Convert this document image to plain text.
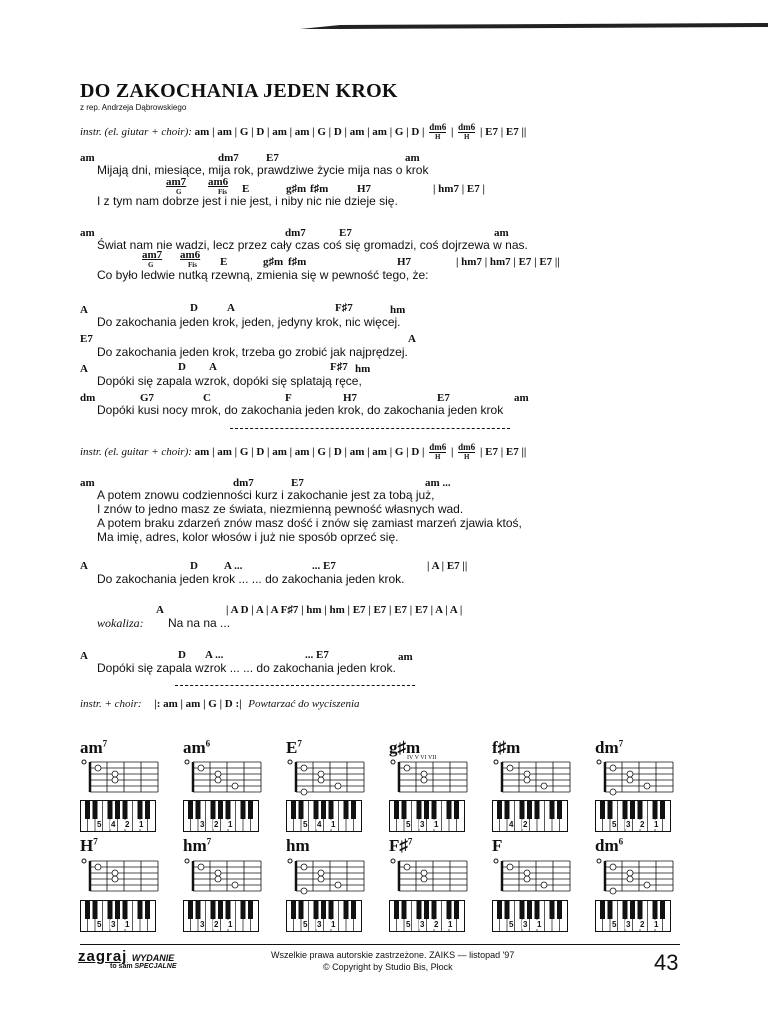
DO ZAKOCHANIA JEDEN KROK
z rep. Andrzeja Dąbrowskiego
instr. (el. giutar + choir): am | am | G | D | am | am | G | D | am | am | G | D | $\frac{dm6}{H}$ | $\frac{dm6}{H}$ | E7 | E7 ||
am	dm7 E7	am
Mijają dni, miesiące, mija rok, prawdziwe życie mija nas o krok
am7
G
am6
Fis E	g♯m f♯m	H7	| hm7 | E7 |
I z tym nam dobrze jest i nie jest, i niby nic nie dzieje się.
am	dm7	E7	am
Świat nam nie wadzi, lecz przez cały czas coś się gromadzi, coś dojrzewa w nas.
am7
G
am6
Fis E	g♯m f♯m	H7	| hm7 | hm7 | E7 | E7 ||
Co było ledwie nutką rzewną, zmienia się w pewność tego, że:
A	D	A	F♯7	hm
Do zakochania jeden krok, jeden, jedyny krok, nic więcej.
E7	A
Do zakochania jeden krok, trzeba go zrobić jak najprędzej.
A	D A	F♯7 hm
Dopóki się zapala wzrok, dopóki się splatają ręce,
dm	G7	C	F	H7	E7	am
Dopóki kusi nocy mrok, do zakochania jeden krok, do zakochania jeden krok
instr. (el. guitar + choir): am | am | G | D | am | am | G | D | am | am | G | D | $\frac{dm6}{H}$ | $\frac{dm6}{H}$ | E7 | E7 ||
am	dm7	E7	am ...
A potem znowu codzienności kurz i zakochanie jest za tobą już,
I znów to jedno masz ze świata, niezmienną pewność własnych wad.
A potem braku zdarzeń znów masz dość i znów się zamiast marzeń zjawia ktoś,
Ma imię, adres, kolor włosów i już nie sposób oprzeć się.
A	D A ...	... E7	| A | E7 ||
Do zakochania jeden krok ... ... do zakochania jeden krok.
A	| A D | A | A F♯7 | hm | hm | E7 | E7 | E7 | E7 | A | A |
wokaliza: Na na na ...
A	D A ...	... E7	am
Dopóki się zapala wzrok ... ... do zakochania jeden krok.
instr. + choir: |: am | am | G | D :| Powtarzać do wyciszenia
$am^7$
5 4 2 1
$am^6$
3 2 1
$E^7$
5 4 1
g♯m
IV V VI VII
5 3 1
f♯m
4 2
$dm^7$
5 3 2 1
$H^7$
5 3 1
$hm^7$
3 2 1
hm
5 3 1
F♯$^7$
5 3 2 1
F
5 3 1
$dm^6$
5 3 2 1
zagraj WYDANIE
to sam SPECJALNE
Wszelkie prawa autorskie zastrzeżone. ZAIKS — listopad '97
© Copyright by Studio Bis, Płock	43
